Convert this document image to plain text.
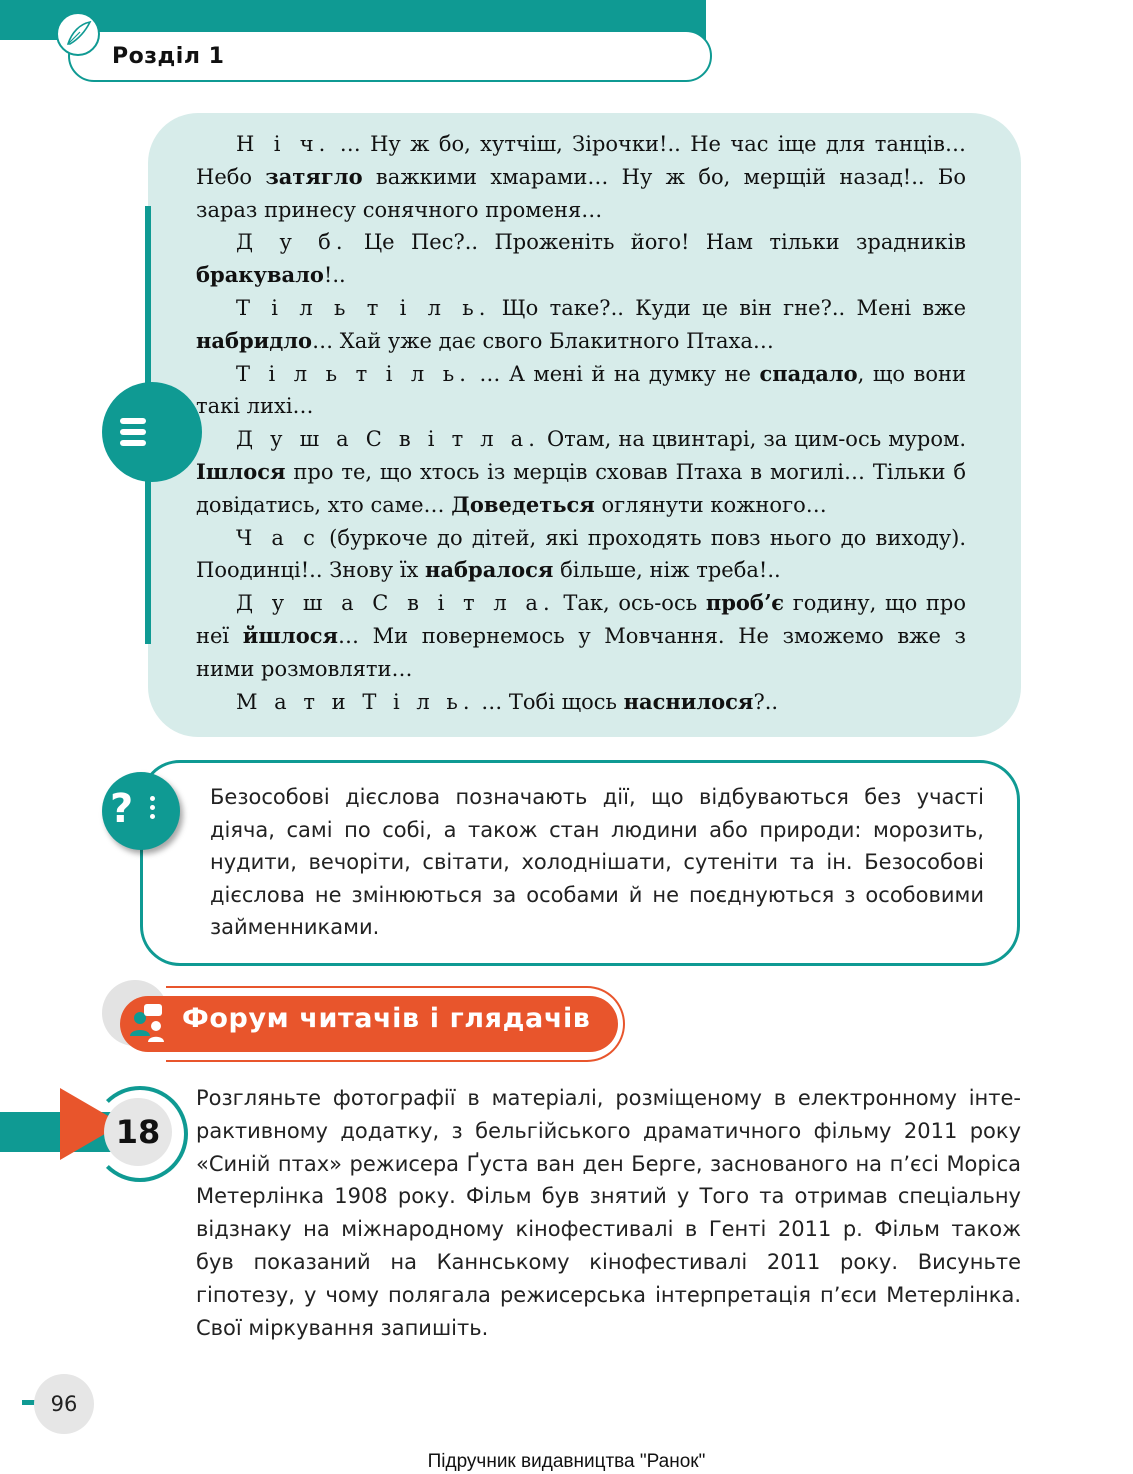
Розділ 1

Н і ч. … Ну ж бо, хутчіш, Зірочки!.. Не час іще для танців… Небо затягло важкими хмарами… Ну ж бо, мерщій назад!.. Бо зараз принесу сонячного променя…

Д у б. Це Пес?.. Проженіть його! Нам тільки зрадників бракувало!..

Т і л ь т і л ь. Що таке?.. Куди це він гне?.. Мені вже набридло… Хай уже дає свого Блакитного Птаха…

Т і л ь т і л ь. … А мені й на думку не спадало, що вони такі лихі…

Д у ш а С в і т л а. Отам, на цвинтарі, за цим-ось муром. Ішлося про те, що хтось із мерців сховав Птаха в могилі… Тільки б довідатись, хто саме… Доведеться оглянути кожного…

Ч а с (буркоче до дітей, які проходять повз нього до виходу). Поодинці!.. Знову їх набралося більше, ніж треба!..

Д у ш а С в і т л а. Так, ось-ось пробʼє годину, що про неї йшлося… Ми повернемось у Мовчання. Не зможемо вже з ними розмовляти…

М а т и Т і л ь. … Тобі щось наснилося?..

?	Безособові дієслова позначають дії, що відбуваються без участі діяча, самі по собі, а також стан людини або природи: морозить, нудити, вечоріти, світати, холоднішати, сутеніти та ін. Безособові дієслова не змінюються за особами й не поєднуються з особовими займенниками.
Форум читачів і глядачів
18
Розгляньте фотографії в матеріалі, розміщеному в електронному інтерактивному додатку, з бельгійського драматичного фільму 2011 року «Синій птах» режисера Ґуста ван ден Берге, заснованого на пʼєсі Моріса Метерлінка 1908 року. Фільм був знятий у Того та отримав спеціальну відзнаку на міжнародному кінофестивалі в Генті 2011 р. Фільм також був показаний на Каннському кінофестивалі 2011 року. Висуньте гіпотезу, у чому полягала режисерська інтерпретація пʼєси Метерлінка. Свої міркування запишіть.
96
Підручник видавництва "Ранок"
